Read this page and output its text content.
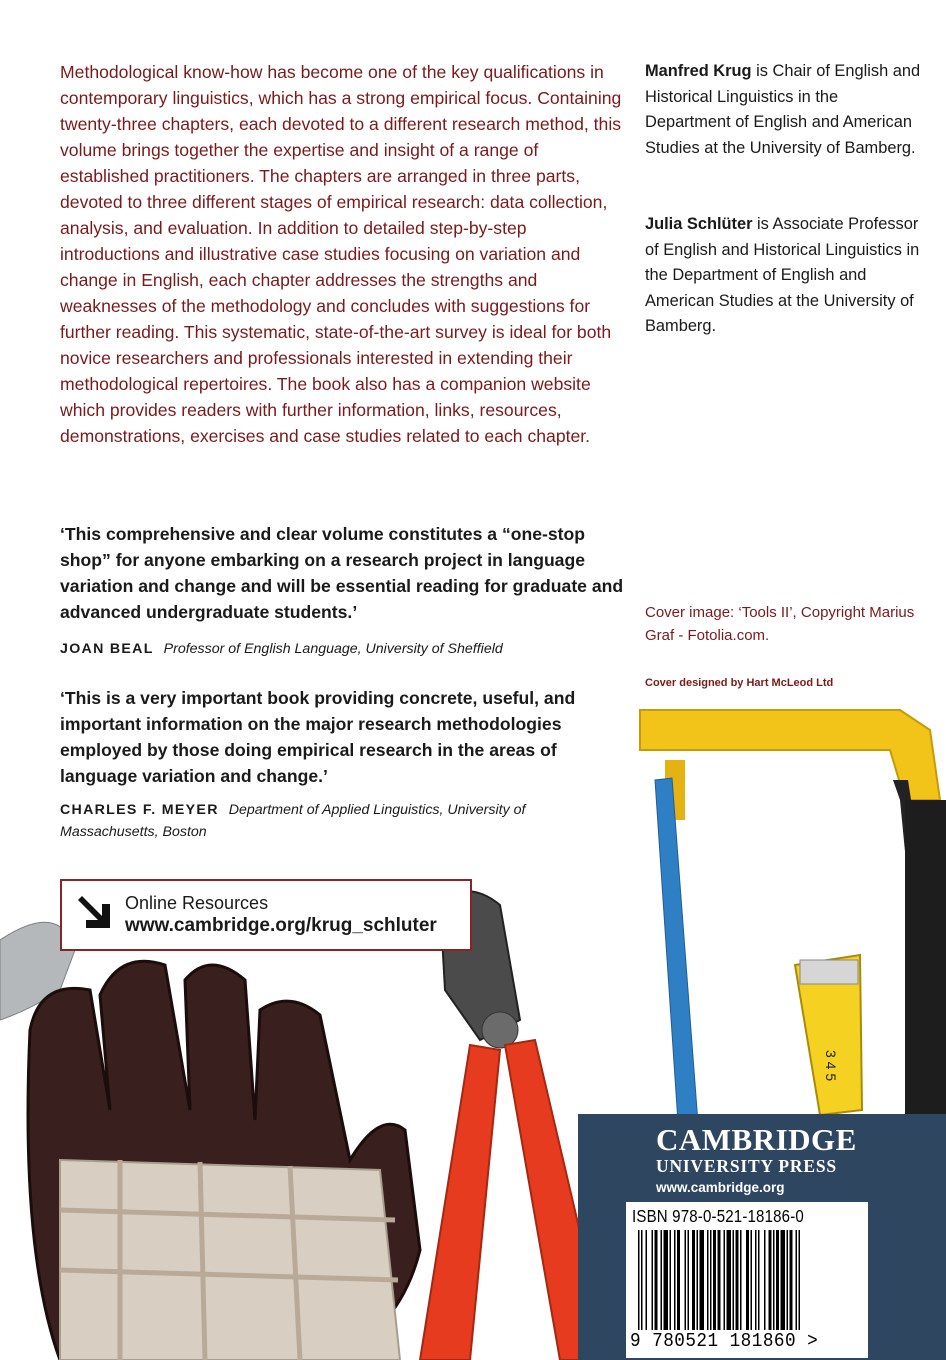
Methodological know-how has become one of the key qualifications in contemporary linguistics, which has a strong empirical focus. Containing twenty-three chapters, each devoted to a different research method, this volume brings together the expertise and insight of a range of established practitioners. The chapters are arranged in three parts, devoted to three different stages of empirical research: data collection, analysis, and evaluation. In addition to detailed step-by-step introductions and illustrative case studies focusing on variation and change in English, each chapter addresses the strengths and weaknesses of the methodology and concludes with suggestions for further reading. This systematic, state-of-the-art survey is ideal for both novice researchers and professionals interested in extending their methodological repertoires. The book also has a companion website which provides readers with further information, links, resources, demonstrations, exercises and case studies related to each chapter.
‘This comprehensive and clear volume constitutes a “one-stop shop” for anyone embarking on a research project in language variation and change and will be essential reading for graduate and advanced undergraduate students.’
JOAN BEAL Professor of English Language, University of Sheffield
‘This is a very important book providing concrete, useful, and important information on the major research methodologies employed by those doing empirical research in the areas of language variation and change.’
CHARLES F. MEYER Department of Applied Linguistics, University of Massachusetts, Boston
Manfred Krug is Chair of English and Historical Linguistics in the Department of English and American Studies at the University of Bamberg.
Julia Schlüter is Associate Professor of English and Historical Linguistics in the Department of English and American Studies at the University of Bamberg.
Cover image: ‘Tools II’, Copyright Marius Graf - Fotolia.com.
Cover designed by Hart McLeod Ltd
3 4 5
Online Resources
www.cambridge.org/krug_schluter
CAMBRIDGE
UNIVERSITY PRESS
www.cambridge.org
ISBN 978-0-521-18186-0
9 780521 181860 >
